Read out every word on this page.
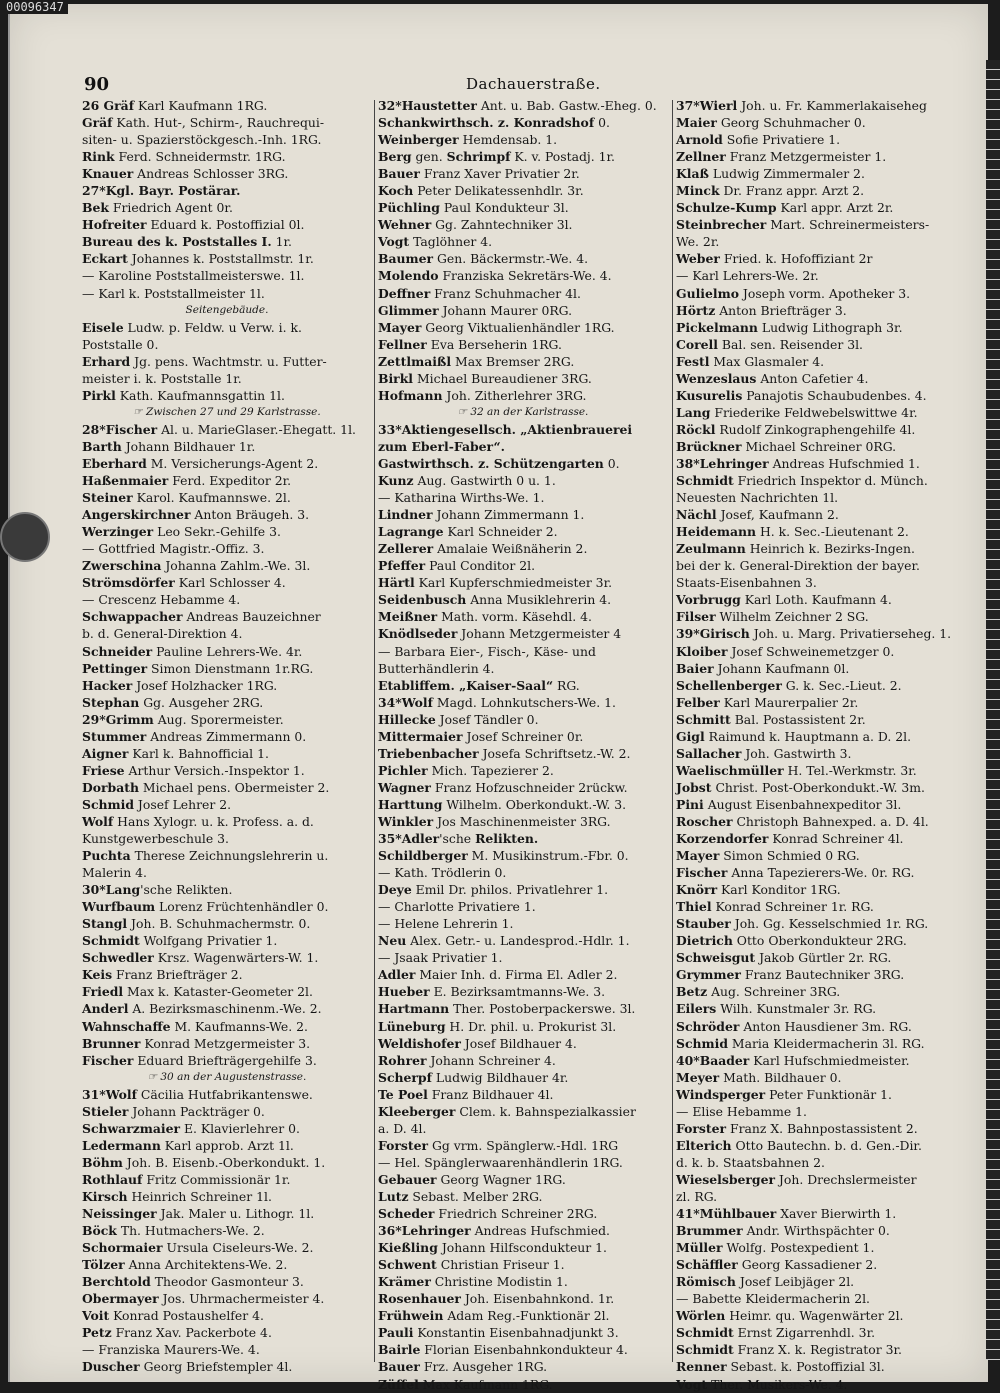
00096347
90	Dachauerstraße.
26 Gräf Karl Kaufmann 1RG.
Gräf Kath. Hut-, Schirm-, Rauchrequi-
siten- u. Spazierstöckgesch.-Inh. 1RG.
Rink Ferd. Schneidermstr. 1RG.
Knauer Andreas Schlosser 3RG.
27*Kgl. Bayr. Postärar.
Bek Friedrich Agent 0r.
Hofreiter Eduard k. Postoffizial 0l.
Bureau des k. Poststalles I. 1r.
Eckart Johannes k. Poststallmstr. 1r.
— Karoline Poststallmeisterswe. 1l.
— Karl k. Poststallmeister 1l.
Seitengebäude.
Eisele Ludw. p. Feldw. u Verw. i. k.
Poststalle 0.
Erhard Jg. pens. Wachtmstr. u. Futter-
meister i. k. Poststalle 1r.
Pirkl Kath. Kaufmannsgattin 1l.
☞ Zwischen 27 und 29 Karlstrasse.
28*Fischer Al. u. MarieGlaser.-Ehegatt. 1l.
Barth Johann Bildhauer 1r.
Eberhard M. Versicherungs-Agent 2.
Haßenmaier Ferd. Expeditor 2r.
Steiner Karol. Kaufmannswe. 2l.
Angerskirchner Anton Bräugeh. 3.
Werzinger Leo Sekr.-Gehilfe 3.
— Gottfried Magistr.-Offiz. 3.
Zwerschina Johanna Zahlm.-We. 3l.
Strömsdörfer Karl Schlosser 4.
— Crescenz Hebamme 4.
Schwappacher Andreas Bauzeichner
b. d. General-Direktion 4.
Schneider Pauline Lehrers-We. 4r.
Pettinger Simon Dienstmann 1r.RG.
Hacker Josef Holzhacker 1RG.
Stephan Gg. Ausgeher 2RG.
29*Grimm Aug. Sporermeister.
Stummer Andreas Zimmermann 0.
Aigner Karl k. Bahnofficial 1.
Friese Arthur Versich.-Inspektor 1.
Dorbath Michael pens. Obermeister 2.
Schmid Josef Lehrer 2.
Wolf Hans Xylogr. u. k. Profess. a. d.
Kunstgewerbeschule 3.
Puchta Therese Zeichnungslehrerin u.
Malerin 4.
30*Lang'sche Relikten.
Wurfbaum Lorenz Früchtenhändler 0.
Stangl Joh. B. Schuhmachermstr. 0.
Schmidt Wolfgang Privatier 1.
Schwedler Krsz. Wagenwärters-W. 1.
Keis Franz Briefträger 2.
Friedl Max k. Kataster-Geometer 2l.
Anderl A. Bezirksmaschinenm.-We. 2.
Wahnschaffe M. Kaufmanns-We. 2.
Brunner Konrad Metzgermeister 3.
Fischer Eduard Briefträgergehilfe 3.
☞ 30 an der Augustenstrasse.
31*Wolf Cäcilia Hutfabrikantenswe.
Stieler Johann Packträger 0.
Schwarzmaier E. Klavierlehrer 0.
Ledermann Karl approb. Arzt 1l.
Böhm Joh. B. Eisenb.-Oberkondukt. 1.
Rothlauf Fritz Commissionär 1r.
Kirsch Heinrich Schreiner 1l.
Neissinger Jak. Maler u. Lithogr. 1l.
Böck Th. Hutmachers-We. 2.
Schormaier Ursula Ciseleurs-We. 2.
Tölzer Anna Architektens-We. 2.
Berchtold Theodor Gasmonteur 3.
Obermayer Jos. Uhrmachermeister 4.
Voit Konrad Postaushelfer 4.
Petz Franz Xav. Packerbote 4.
— Franziska Maurers-We. 4.
Duscher Georg Briefstempler 4l.
32*Haustetter Ant. u. Bab. Gastw.-Eheg. 0.
Schankwirthsch. z. Konradshof 0.
Weinberger Hemdensab. 1.
Berg gen. Schrimpf K. v. Postadj. 1r.
Bauer Franz Xaver Privatier 2r.
Koch Peter Delikatessenhdlr. 3r.
Püchling Paul Kondukteur 3l.
Wehner Gg. Zahntechniker 3l.
Vogt Taglöhner 4.
Baumer Gen. Bäckermstr.-We. 4.
Molendo Franziska Sekretärs-We. 4.
Deffner Franz Schuhmacher 4l.
Glimmer Johann Maurer 0RG.
Mayer Georg Viktualienhändler 1RG.
Fellner Eva Berseherin 1RG.
Zettlmaißl Max Bremser 2RG.
Birkl Michael Bureaudiener 3RG.
Hofmann Joh. Zitherlehrer 3RG.
☞ 32 an der Karlstrasse.
33*Aktiengesellsch. „Aktienbrauerei
zum Eberl-Faber“.
Gastwirthsch. z. Schützengarten 0.
Kunz Aug. Gastwirth 0 u. 1.
— Katharina Wirths-We. 1.
Lindner Johann Zimmermann 1.
Lagrange Karl Schneider 2.
Zellerer Amalaie Weißnäherin 2.
Pfeffer Paul Conditor 2l.
Härtl Karl Kupferschmiedmeister 3r.
Seidenbusch Anna Musiklehrerin 4.
Meißner Math. vorm. Käsehdl. 4.
Knödlseder Johann Metzgermeister 4
— Barbara Eier-, Fisch-, Käse- und
Butterhändlerin 4.
Etabliffem. „Kaiser-Saal“ RG.
34*Wolf Magd. Lohnkutschers-We. 1.
Hillecke Josef Tändler 0.
Mittermaier Josef Schreiner 0r.
Triebenbacher Josefa Schriftsetz.-W. 2.
Pichler Mich. Tapezierer 2.
Wagner Franz Hofzuschneider 2rückw.
Harttung Wilhelm. Oberkondukt.-W. 3.
Winkler Jos Maschinenmeister 3RG.
35*Adler'sche Relikten.
Schildberger M. Musikinstrum.-Fbr. 0.
— Kath. Trödlerin 0.
Deye Emil Dr. philos. Privatlehrer 1.
— Charlotte Privatiere 1.
— Helene Lehrerin 1.
Neu Alex. Getr.- u. Landesprod.-Hdlr. 1.
— Jsaak Privatier 1.
Adler Maier Inh. d. Firma El. Adler 2.
Hueber E. Bezirksamtmanns-We. 3.
Hartmann Ther. Postoberpackerswe. 3l.
Lüneburg H. Dr. phil. u. Prokurist 3l.
Weldishofer Josef Bildhauer 4.
Rohrer Johann Schreiner 4.
Scherpf Ludwig Bildhauer 4r.
Te Poel Franz Bildhauer 4l.
Kleeberger Clem. k. Bahnspezialkassier
a. D. 4l.
Forster Gg vrm. Spänglerw.-Hdl. 1RG
— Hel. Spänglerwaarenhändlerin 1RG.
Gebauer Georg Wagner 1RG.
Lutz Sebast. Melber 2RG.
Scheder Friedrich Schreiner 2RG.
36*Lehringer Andreas Hufschmied.
Kießling Johann Hilfscondukteur 1.
Schwent Christian Friseur 1.
Krämer Christine Modistin 1.
Rosenhauer Joh. Eisenbahnkond. 1r.
Frühwein Adam Reg.-Funktionär 2l.
Pauli Konstantin Eisenbahnadjunkt 3.
Bairle Florian Eisenbahnkondukteur 4.
Bauer Frz. Ausgeher 1RG.
Züffel Max Kaufmann 1RG.
37*Wierl Joh. u. Fr. Kammerlakaiseheg
Maier Georg Schuhmacher 0.
Arnold Sofie Privatiere 1.
Zellner Franz Metzgermeister 1.
Klaß Ludwig Zimmermaler 2.
Minck Dr. Franz appr. Arzt 2.
Schulze-Kump Karl appr. Arzt 2r.
Steinbrecher Mart. Schreinermeisters-
We. 2r.
Weber Fried. k. Hofoffiziant 2r
— Karl Lehrers-We. 2r.
Gulielmo Joseph vorm. Apotheker 3.
Hörtz Anton Briefträger 3.
Pickelmann Ludwig Lithograph 3r.
Corell Bal. sen. Reisender 3l.
Festl Max Glasmaler 4.
Wenzeslaus Anton Cafetier 4.
Kusurelis Panajotis Schaubudenbes. 4.
Lang Friederike Feldwebelswittwe 4r.
Röckl Rudolf Zinkographengehilfe 4l.
Brückner Michael Schreiner 0RG.
38*Lehringer Andreas Hufschmied 1.
Schmidt Friedrich Inspektor d. Münch.
Neuesten Nachrichten 1l.
Nächl Josef, Kaufmann 2.
Heidemann H. k. Sec.-Lieutenant 2.
Zeulmann Heinrich k. Bezirks-Ingen.
bei der k. General-Direktion der bayer.
Staats-Eisenbahnen 3.
Vorbrugg Karl Loth. Kaufmann 4.
Filser Wilhelm Zeichner 2 SG.
39*Girisch Joh. u. Marg. Privatierseheg. 1.
Kloiber Josef Schweinemetzger 0.
Baier Johann Kaufmann 0l.
Schellenberger G. k. Sec.-Lieut. 2.
Felber Karl Maurerpalier 2r.
Schmitt Bal. Postassistent 2r.
Gigl Raimund k. Hauptmann a. D. 2l.
Sallacher Joh. Gastwirth 3.
Waelischmüller H. Tel.-Werkmstr. 3r.
Jobst Christ. Post-Oberkondukt.-W. 3m.
Pini August Eisenbahnexpeditor 3l.
Roscher Christoph Bahnexped. a. D. 4l.
Korzendorfer Konrad Schreiner 4l.
Mayer Simon Schmied 0 RG.
Fischer Anna Tapezierers-We. 0r. RG.
Knörr Karl Konditor 1RG.
Thiel Konrad Schreiner 1r. RG.
Stauber Joh. Gg. Kesselschmied 1r. RG.
Dietrich Otto Oberkondukteur 2RG.
Schweisgut Jakob Gürtler 2r. RG.
Grymmer Franz Bautechniker 3RG.
Betz Aug. Schreiner 3RG.
Eilers Wilh. Kunstmaler 3r. RG.
Schröder Anton Hausdiener 3m. RG.
Schmid Maria Kleidermacherin 3l. RG.
40*Baader Karl Hufschmiedmeister.
Meyer Math. Bildhauer 0.
Windsperger Peter Funktionär 1.
— Elise Hebamme 1.
Forster Franz X. Bahnpostassistent 2.
Elterich Otto Bautechn. b. d. Gen.-Dir.
d. k. b. Staatsbahnen 2.
Wieselsberger Joh. Drechslermeister
zl. RG.
41*Mühlbauer Xaver Bierwirth 1.
Brummer Andr. Wirthspächter 0.
Müller Wolfg. Postexpedient 1.
Schäffler Georg Kassadiener 2.
Römisch Josef Leibjäger 2l.
— Babette Kleidermacherin 2l.
Wörlen Heimr. qu. Wagenwärter 2l.
Schmidt Ernst Zigarrenhdl. 3r.
Schmidt Franz X. k. Registrator 3r.
Renner Sebast. k. Postoffizial 3l.
Vogt Ther. Musikers-We. 4.
